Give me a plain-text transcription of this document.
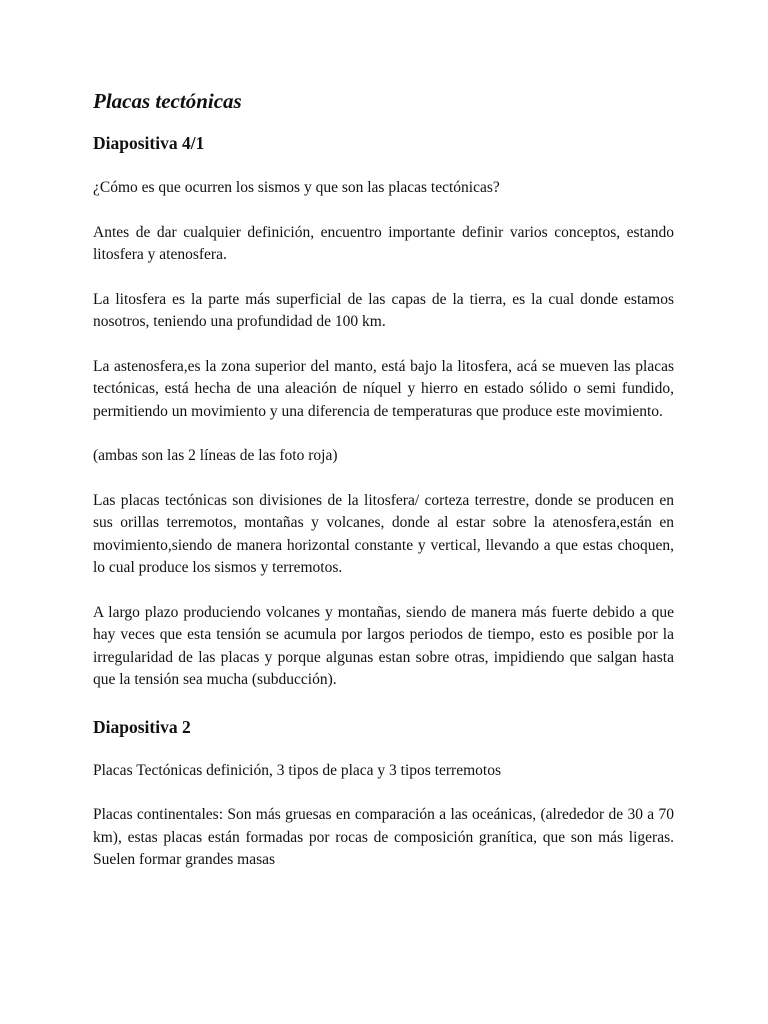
Placas tectónicas
Diapositiva 4/1

¿Cómo es que ocurren los sismos y que son las placas tectónicas?

Antes de dar cualquier definición, encuentro importante definir varios conceptos, estando litosfera y atenosfera.

La litosfera es la parte más superficial de las capas de la tierra, es la cual donde estamos nosotros, teniendo una profundidad de 100 km.

La astenosfera,es la zona superior del manto, está bajo la litosfera, acá se mueven las placas tectónicas, está hecha de una aleación de níquel y hierro en estado sólido o semi fundido, permitiendo un movimiento y una diferencia de temperaturas que produce este movimiento.

(ambas son las 2 líneas de las foto roja)

Las placas tectónicas son divisiones de la litosfera/ corteza terrestre, donde se producen en sus orillas terremotos, montañas y volcanes, donde al estar sobre la atenosfera,están en movimiento,siendo de manera horizontal constante y vertical, llevando a que estas choquen, lo cual produce los sismos y terremotos.

A largo plazo produciendo volcanes y montañas, siendo de manera más fuerte debido a que hay veces que esta tensión se acumula por largos periodos de tiempo, esto es posible por la irregularidad de las placas y porque algunas estan sobre otras, impidiendo que salgan hasta que la tensión sea mucha (subducción).

Diapositiva 2

Placas Tectónicas definición, 3 tipos de placa y 3 tipos terremotos

Placas continentales: Son más gruesas en comparación a las oceánicas, (alrededor de 30 a 70 km), estas placas están formadas por rocas de composición granítica, que son más ligeras. Suelen formar grandes masas
